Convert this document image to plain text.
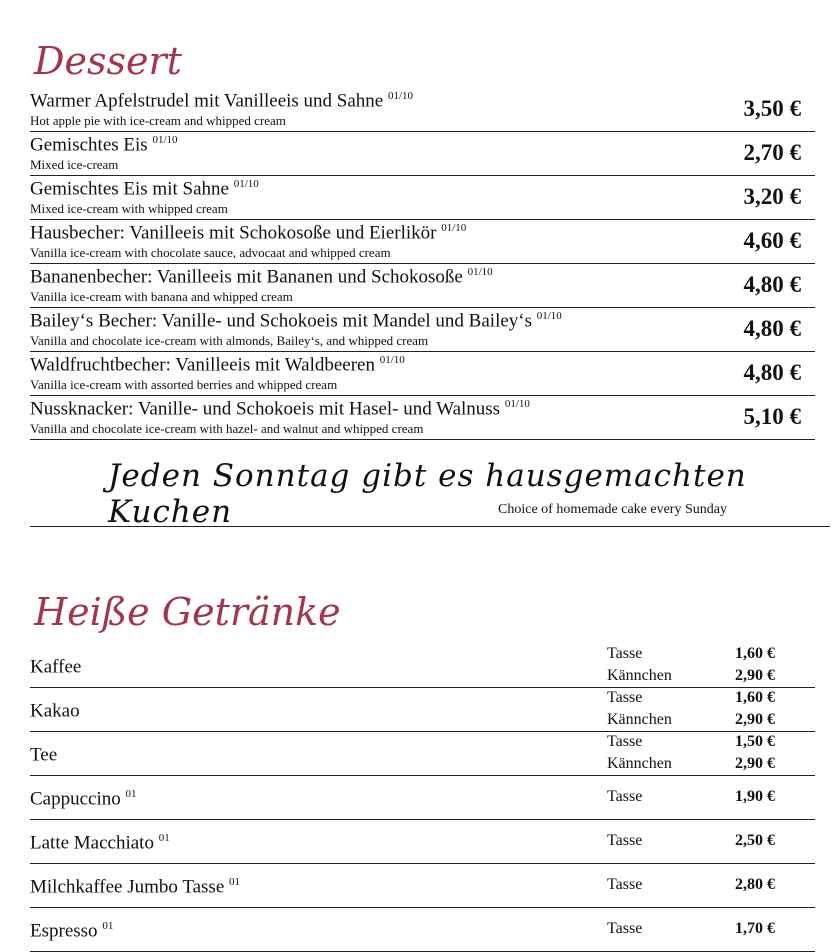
Dessert
Warmer Apfelstrudel mit Vanilleeis und Sahne $^{01/10}$
Hot apple pie with ice-cream and whipped cream	3,50 €
Gemischtes Eis $^{01/10}$
Mixed ice-cream	2,70 €
Gemischtes Eis mit Sahne $^{01/10}$
Mixed ice-cream with whipped cream	3,20 €
Hausbecher: Vanilleeis mit Schokosoße und Eierlikör $^{01/10}$
Vanilla ice-cream with chocolate sauce, advocaat and whipped cream	4,60 €
Bananenbecher: Vanilleeis mit Bananen und Schokosoße $^{01/10}$
Vanilla ice-cream with banana and whipped cream	4,80 €
Bailey‘s Becher: Vanille- und Schokoeis mit Mandel und Bailey‘s $^{01/10}$
Vanilla and chocolate ice-cream with almonds, Bailey‘s, and whipped cream	4,80 €
Waldfruchtbecher: Vanilleeis mit Waldbeeren $^{01/10}$
Vanilla ice-cream with assorted berries and whipped cream	4,80 €
Nussknacker: Vanille- und Schokoeis mit Hasel- und Walnuss $^{01/10}$
Vanilla and chocolate ice-cream with hazel- and walnut and whipped cream	5,10 €
Jeden Sonntag gibt es hausgemachten Kuchen	Choice of homemade cake every Sunday
Heiße Getränke
Kaffee
Tasse	1,60 €
Kännchen	2,90 €
Kakao
Tasse	1,60 €
Kännchen	2,90 €
Tee
Tasse	1,50 €
Kännchen	2,90 €
Cappuccino $^{01}$	Tasse	1,90 €
Latte Macchiato $^{01}$	Tasse	2,50 €
Milchkaffee Jumbo Tasse $^{01}$	Tasse	2,80 €
Espresso $^{01}$	Tasse	1,70 €
